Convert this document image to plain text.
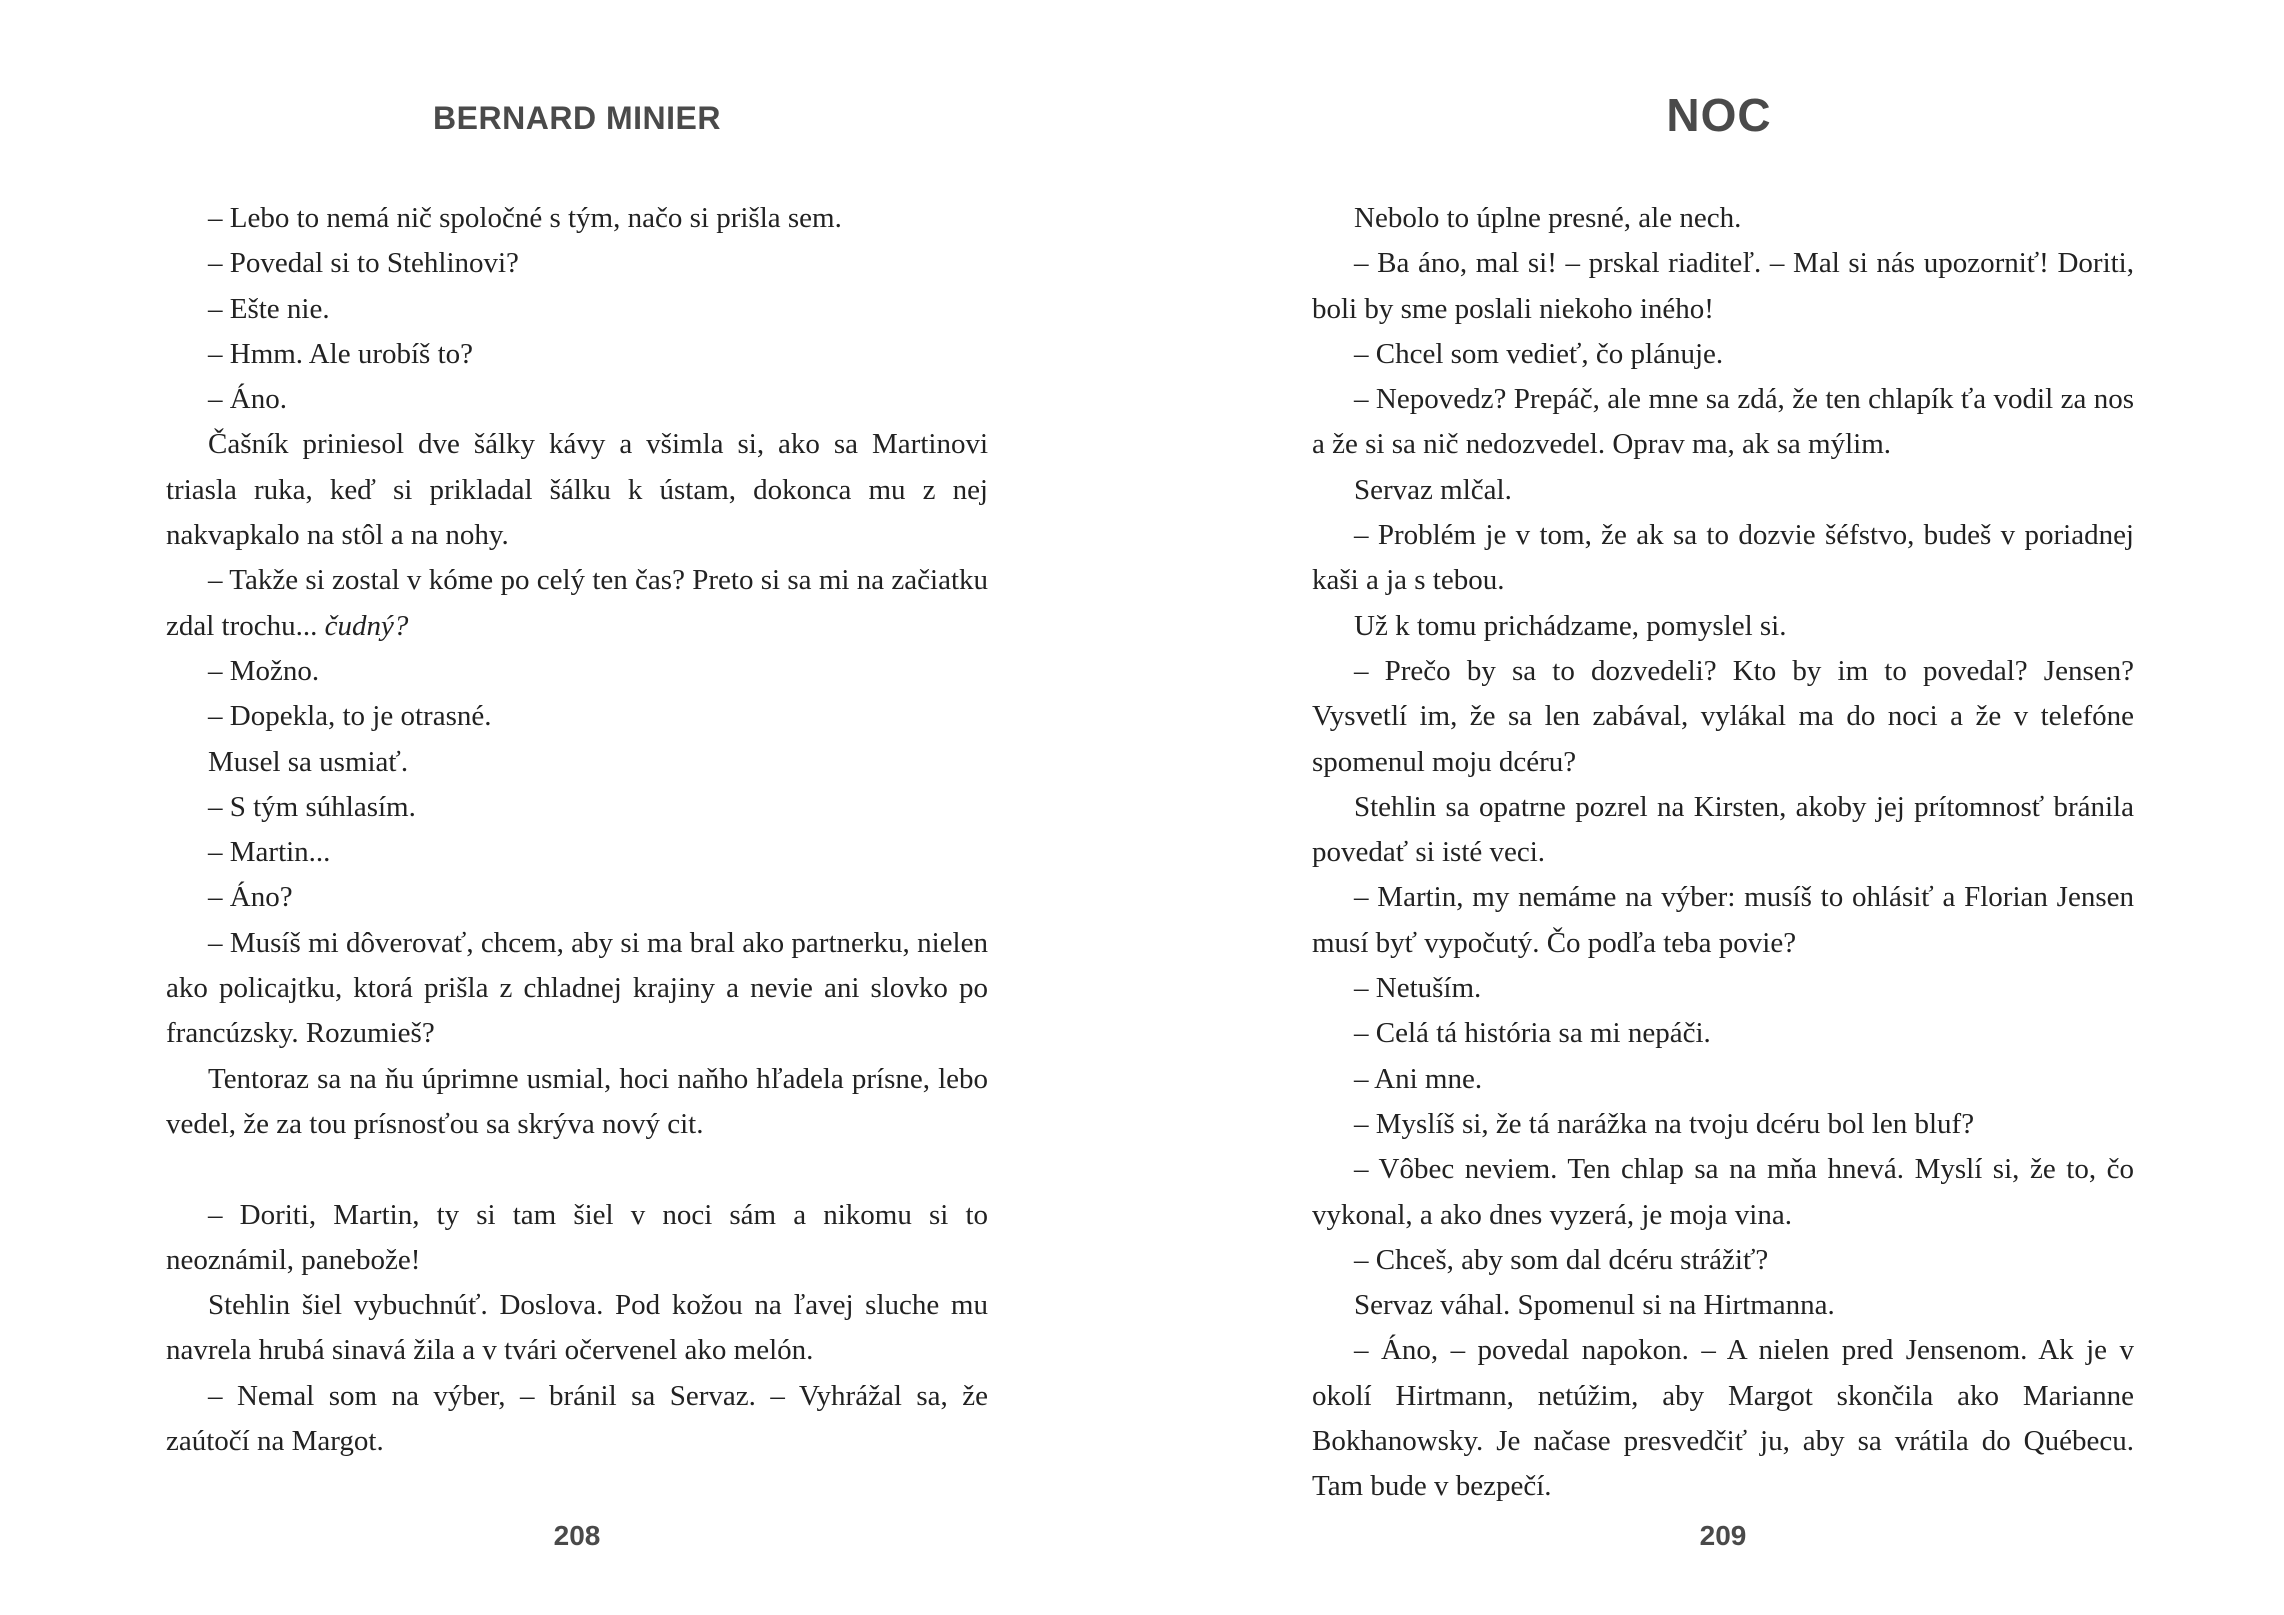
BERNARD MINIER

– Lebo to nemá nič spoločné s tým, načo si prišla sem.

– Povedal si to Stehlinovi?

– Ešte nie.

– Hmm. Ale urobíš to?

– Áno.

Čašník priniesol dve šálky kávy a všimla si, ako sa Martinovi triasla ruka, keď si prikladal šálku k ústam, dokonca mu z nej nakvapkalo na stôl a na nohy.

– Takže si zostal v kóme po celý ten čas? Preto si sa mi na začiatku zdal trochu... čudný?

– Možno.

– Dopekla, to je otrasné.

Musel sa usmiať.

– S tým súhlasím.

– Martin...

– Áno?

– Musíš mi dôverovať, chcem, aby si ma bral ako partnerku, nielen ako policajtku, ktorá prišla z chladnej krajiny a nevie ani slovko po francúzsky. Rozumieš?

Tentoraz sa na ňu úprimne usmial, hoci naňho hľadela prísne, lebo vedel, že za tou prísnosťou sa skrýva nový cit.

– Doriti, Martin, ty si tam šiel v noci sám a nikomu si to neoznámil, panebože!

Stehlin šiel vybuchnúť. Doslova. Pod kožou na ľavej sluche mu navrela hrubá sinavá žila a v tvári očervenel ako melón.

– Nemal som na výber, – bránil sa Servaz. – Vyhrážal sa, že zaútočí na Margot.

208
NOC

Nebolo to úplne presné, ale nech.

– Ba áno, mal si! – prskal riaditeľ. – Mal si nás upozorniť! Doriti, boli by sme poslali niekoho iného!

– Chcel som vedieť, čo plánuje.

– Nepovedz? Prepáč, ale mne sa zdá, že ten chlapík ťa vodil za nos a že si sa nič nedozvedel. Oprav ma, ak sa mýlim.

Servaz mlčal.

– Problém je v tom, že ak sa to dozvie šéfstvo, budeš v poriadnej kaši a ja s tebou.

Už k tomu prichádzame, pomyslel si.

– Prečo by sa to dozvedeli? Kto by im to povedal? Jensen? Vysvetlí im, že sa len zabával, vylákal ma do noci a že v telefóne spomenul moju dcéru?

Stehlin sa opatrne pozrel na Kirsten, akoby jej prítomnosť bránila povedať si isté veci.

– Martin, my nemáme na výber: musíš to ohlásiť a Florian Jensen musí byť vypočutý. Čo podľa teba povie?

– Netuším.

– Celá tá história sa mi nepáči.

– Ani mne.

– Myslíš si, že tá narážka na tvoju dcéru bol len bluf?

– Vôbec neviem. Ten chlap sa na mňa hnevá. Myslí si, že to, čo vykonal, a ako dnes vyzerá, je moja vina.

– Chceš, aby som dal dcéru strážiť?

Servaz váhal. Spomenul si na Hirtmanna.

– Áno, – povedal napokon. – A nielen pred Jensenom. Ak je v okolí Hirtmann, netúžim, aby Margot skončila ako Marianne Bokhanowsky. Je načase presvedčiť ju, aby sa vrátila do Québecu. Tam bude v bezpečí.

209
